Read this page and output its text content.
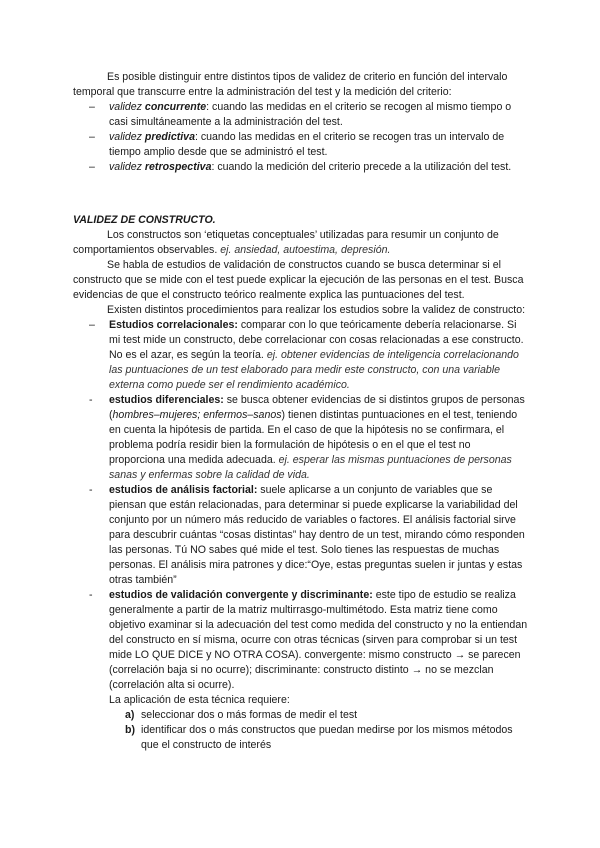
Es posible distinguir entre distintos tipos de validez de criterio en función del intervalo temporal que transcurre entre la administración del test y la medición del criterio:

– validez concurrente: cuando las medidas en el criterio se recogen al mismo tiempo o casi simultáneamente a la administración del test.
– validez predictiva: cuando las medidas en el criterio se recogen tras un intervalo de tiempo amplio desde que se administró el test.
– validez retrospectiva: cuando la medición del criterio precede a la utilización del test.

VALIDEZ DE CONSTRUCTO.

Los constructos son ‘etiquetas conceptuales’ utilizadas para resumir un conjunto de comportamientos observables. ej. ansiedad, autoestima, depresión.

Se habla de estudios de validación de constructos cuando se busca determinar si el constructo que se mide con el test puede explicar la ejecución de las personas en el test. Busca evidencias de que el constructo teórico realmente explica las puntuaciones del test.

Existen distintos procedimientos para realizar los estudios sobre la validez de constructo:

– Estudios correlacionales: comparar con lo que teóricamente debería relacionarse. Si mi test mide un constructo, debe correlacionar con cosas relacionadas a ese constructo. No es el azar, es según la teoría. ej. obtener evidencias de inteligencia correlacionando las puntuaciones de un test elaborado para medir este constructo, con una variable externa como puede ser el rendimiento académico.
- estudios diferenciales: se busca obtener evidencias de si distintos grupos de personas (hombres–mujeres; enfermos–sanos) tienen distintas puntuaciones en el test, teniendo en cuenta la hipótesis de partida. En el caso de que la hipótesis no se confirmara, el problema podría residir bien la formulación de hipótesis o en el que el test no proporciona una medida adecuada. ej. esperar las mismas puntuaciones de personas sanas y enfermas sobre la calidad de vida.
- estudios de análisis factorial: suele aplicarse a un conjunto de variables que se piensan que están relacionadas, para determinar si puede explicarse la variabilidad del conjunto por un número más reducido de variables o factores. El análisis factorial sirve para descubrir cuántas “cosas distintas” hay dentro de un test, mirando cómo responden las personas. Tú NO sabes qué mide el test. Solo tienes las respuestas de muchas personas. El análisis mira patrones y dice:“Oye, estas preguntas suelen ir juntas y estas otras también”
- estudios de validación convergente y discriminante: este tipo de estudio se realiza generalmente a partir de la matriz multirrasgo-multimétodo. Esta matriz tiene como objetivo examinar si la adecuación del test como medida del constructo y no la entiendan del constructo en sí misma, ocurre con otras técnicas (sirven para comprobar si un test mide LO QUE DICE y NO OTRA COSA). convergente: mismo constructo → se parecen (correlación baja si no ocurre); discriminante: constructo distinto → no se mezclan (correlación alta si ocurre).

La aplicación de esta técnica requiere:

a) seleccionar dos o más formas de medir el test
b) identificar dos o más constructos que puedan medirse por los mismos métodos que el constructo de interés
